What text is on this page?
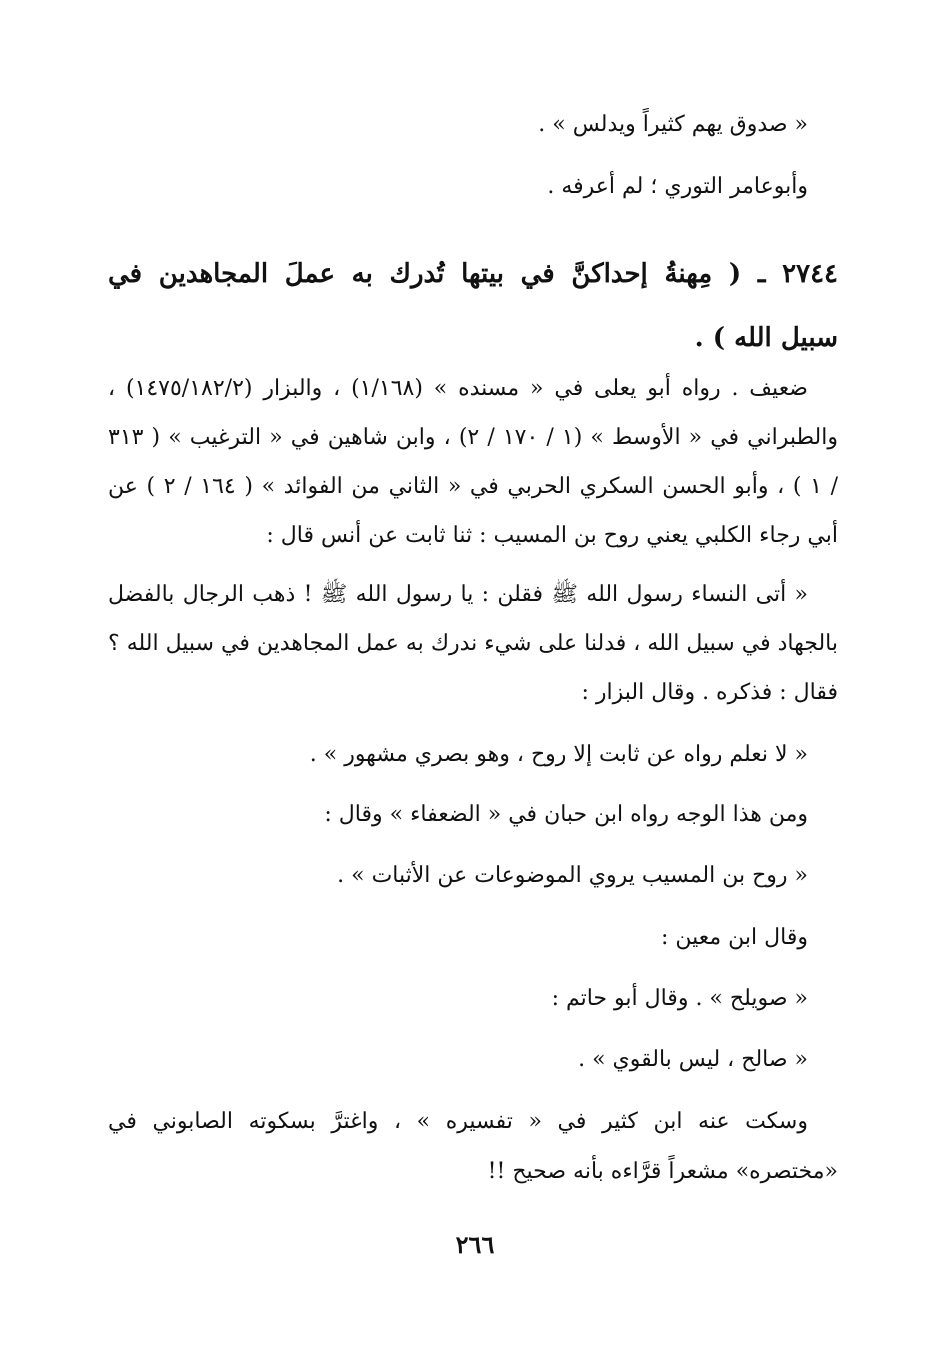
« صدوق يهم كثيراً ويدلس » .
وأبوعامر التوري ؛ لم أعرفه .
٢٧٤٤ ـ ( مِهنةُ إحداكنَّ في بيتها تُدرك به عملَ المجاهدين في
سبيل الله ) .
ضعيف . رواه أبو يعلى في « مسنده » (١/١٦٨) ، والبزار (١٤٧٥/١٨٢/٢) ،
والطبراني في « الأوسط » (١ / ١٧٠ / ٢) ، وابن شاهين في « الترغيب » ( ٣١٣
/ ١ ) ، وأبو الحسن السكري الحربي في « الثاني من الفوائد » ( ١٦٤ / ٢ ) عن
أبي رجاء الكلبي يعني روح بن المسيب : ثنا ثابت عن أنس قال :
« أتى النساء رسول الله ﷺ فقلن : يا رسول الله ﷺ ! ذهب الرجال بالفضل
بالجهاد في سبيل الله ، فدلنا على شيء ندرك به عمل المجاهدين في سبيل الله ؟
فقال : فذكره . وقال البزار :
« لا نعلم رواه عن ثابت إلا روح ، وهو بصري مشهور » .
ومن هذا الوجه رواه ابن حبان في « الضعفاء » وقال :
« روح بن المسيب يروي الموضوعات عن الأثبات » .
وقال ابن معين :
« صويلح » . وقال أبو حاتم :
« صالح ، ليس بالقوي » .
وسكت عنه ابن كثير في « تفسيره » ، واغترَّ بسكوته الصابوني في
«مختصره» مشعراً قرَّاءه بأنه صحيح !!
٢٦٦
